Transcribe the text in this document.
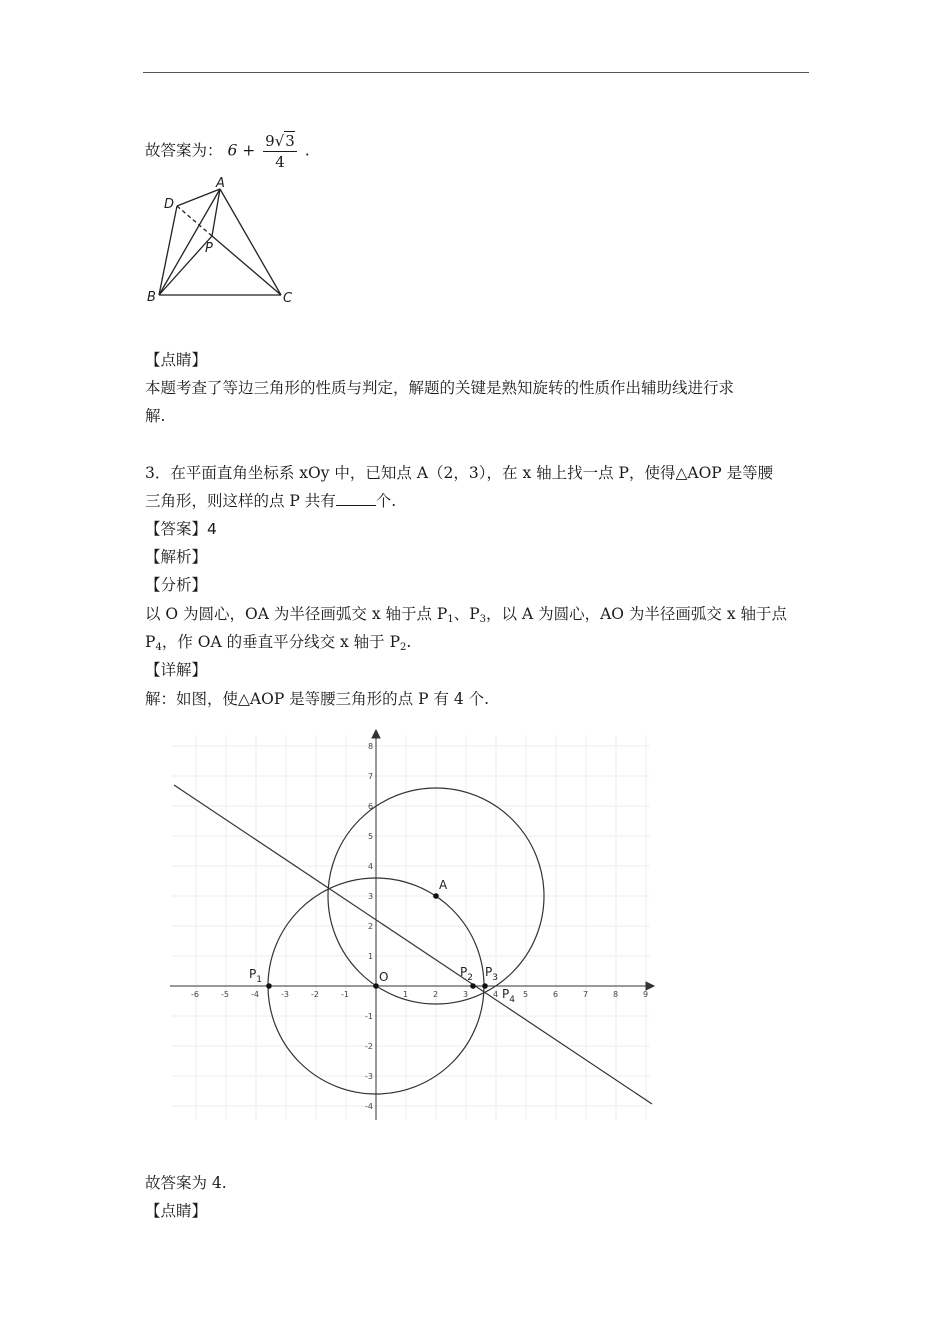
故答案为： $6 + \frac{9√3}{4}$ .
A
B	C
D
P
【点睛】
本题考查了等边三角形的性质与判定，解题的关键是熟知旋转的性质作出辅助线进行求
解.
3．在平面直角坐标系 xOy 中，已知点 A（2，3），在 x 轴上找一点 P，使得△AOP 是等腰
三角形，则这样的点 P 共有	个.
【答案】4
【解析】
【分析】
以 O 为圆心，OA 为半径画弧交 x 轴于点 $P_1$、$P_3$，以 A 为圆心，AO 为半径画弧交 x 轴于点
$P_4$，作 OA 的垂直平分线交 x 轴于 $P_2$.
【详解】
解：如图，使△AOP 是等腰三角形的点 P 有 4 个.
-6	-5	-4	-3	-2	-1	1	2	3	4	5	6	7	8	9
8
7
6
5
4
3
2
1
-1
-2
-3
-4
O
A
$P_1$
$P_2$ $P_3$
$P_4$
故答案为 4.
【点睛】
